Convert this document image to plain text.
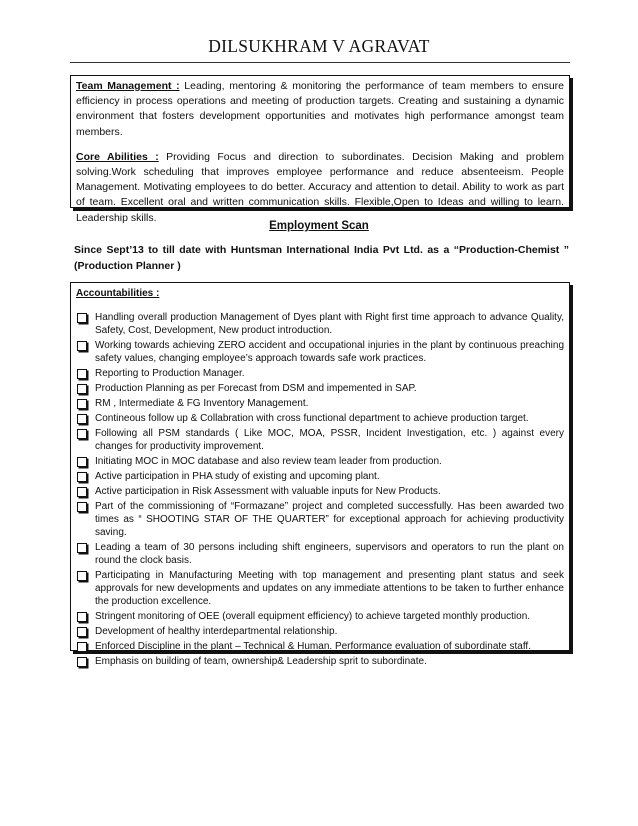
DILSUKHRAM V AGRAVAT

Team Management : Leading, mentoring & monitoring the performance of team members to ensure efficiency in process operations and meeting of production targets. Creating and sustaining a dynamic environment that fosters development opportunities and motivates high performance amongst team members.

Core Abilities : Providing Focus and direction to subordinates. Decision Making and problem solving.Work scheduling that improves employee performance and reduce absenteeism. People Management. Motivating employees to do better. Accuracy and attention to detail. Ability to work as part of team. Excellent oral and written communication skills. Flexible,Open to Ideas and willing to learn. Leadership skills.

Employment Scan

Since Sept’13 to till date with Huntsman International India Pvt Ltd. as a “Production-Chemist ” (Production Planner )

Accountabilities :
Handling overall production Management of Dyes plant with Right first time approach to advance Quality, Safety, Cost, Development, New product introduction.
Working towards achieving ZERO accident and occupational injuries in the plant by continuous preaching safety values, changing employee’s approach towards safe work practices.
Reporting to Production Manager.
Production Planning as per Forecast from DSM and impemented in SAP.
RM , Intermediate & FG Inventory Management.
Contineous follow up & Collabration with cross functional department to achieve production target.
Following all PSM standards ( Like MOC, MOA, PSSR, Incident Investigation, etc. ) against every changes for productivity improvement.
Initiating MOC in MOC database and also review team leader from production.
Active participation in PHA study of existing and upcoming plant.
Active participation in Risk Assessment with valuable inputs for New Products.
Part of the commissioning of “Formazane” project and completed successfully. Has been awarded two times as “ SHOOTING STAR OF THE QUARTER” for exceptional approach for achieving productivity saving.
Leading a team of 30 persons including shift engineers, supervisors and operators to run the plant on round the clock basis.
Participating in Manufacturing Meeting with top management and presenting plant status and seek approvals for new developments and updates on any immediate attentions to be taken to further enhance the production excellence.
Stringent monitoring of OEE (overall equipment efficiency) to achieve targeted monthly production.
Development of healthy interdepartmental relationship.
Enforced Discipline in the plant – Technical & Human. Performance evaluation of subordinate staff.
Emphasis on building of team, ownership& Leadership sprit to subordinate.
